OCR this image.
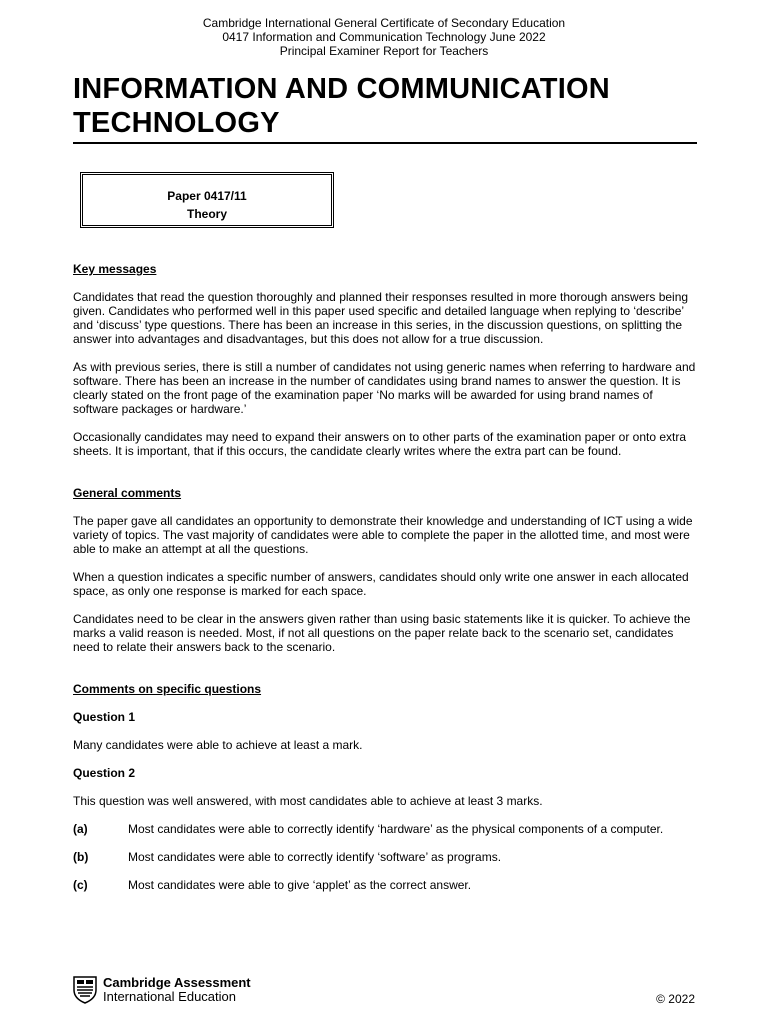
Cambridge International General Certificate of Secondary Education
0417 Information and Communication Technology June 2022
Principal Examiner Report for Teachers
INFORMATION AND COMMUNICATION
TECHNOLOGY
Paper 0417/11
Theory
Key messages

Candidates that read the question thoroughly and planned their responses resulted in more thorough answers being given. Candidates who performed well in this paper used specific and detailed language when replying to ‘describe’ and ‘discuss’ type questions. There has been an increase in this series, in the discussion questions, on splitting the answer into advantages and disadvantages, but this does not allow for a true discussion.

As with previous series, there is still a number of candidates not using generic names when referring to hardware and software. There has been an increase in the number of candidates using brand names to answer the question. It is clearly stated on the front page of the examination paper ‘No marks will be awarded for using brand names of software packages or hardware.’

Occasionally candidates may need to expand their answers on to other parts of the examination paper or onto extra sheets. It is important, that if this occurs, the candidate clearly writes where the extra part can be found.

General comments

The paper gave all candidates an opportunity to demonstrate their knowledge and understanding of ICT using a wide variety of topics. The vast majority of candidates were able to complete the paper in the allotted time, and most were able to make an attempt at all the questions.

When a question indicates a specific number of answers, candidates should only write one answer in each allocated space, as only one response is marked for each space.

Candidates need to be clear in the answers given rather than using basic statements like it is quicker. To achieve the marks a valid reason is needed. Most, if not all questions on the paper relate back to the scenario set, candidates need to relate their answers back to the scenario.

Comments on specific questions
Question 1

Many candidates were able to achieve at least a mark.

Question 2

This question was well answered, with most candidates able to achieve at least 3 marks.

(a)	Most candidates were able to correctly identify ‘hardware’ as the physical components of a computer.
(b)	Most candidates were able to correctly identify ‘software’ as programs.
(c)	Most candidates were able to give ‘applet’ as the correct answer.
Cambridge Assessment
International Education	© 2022
